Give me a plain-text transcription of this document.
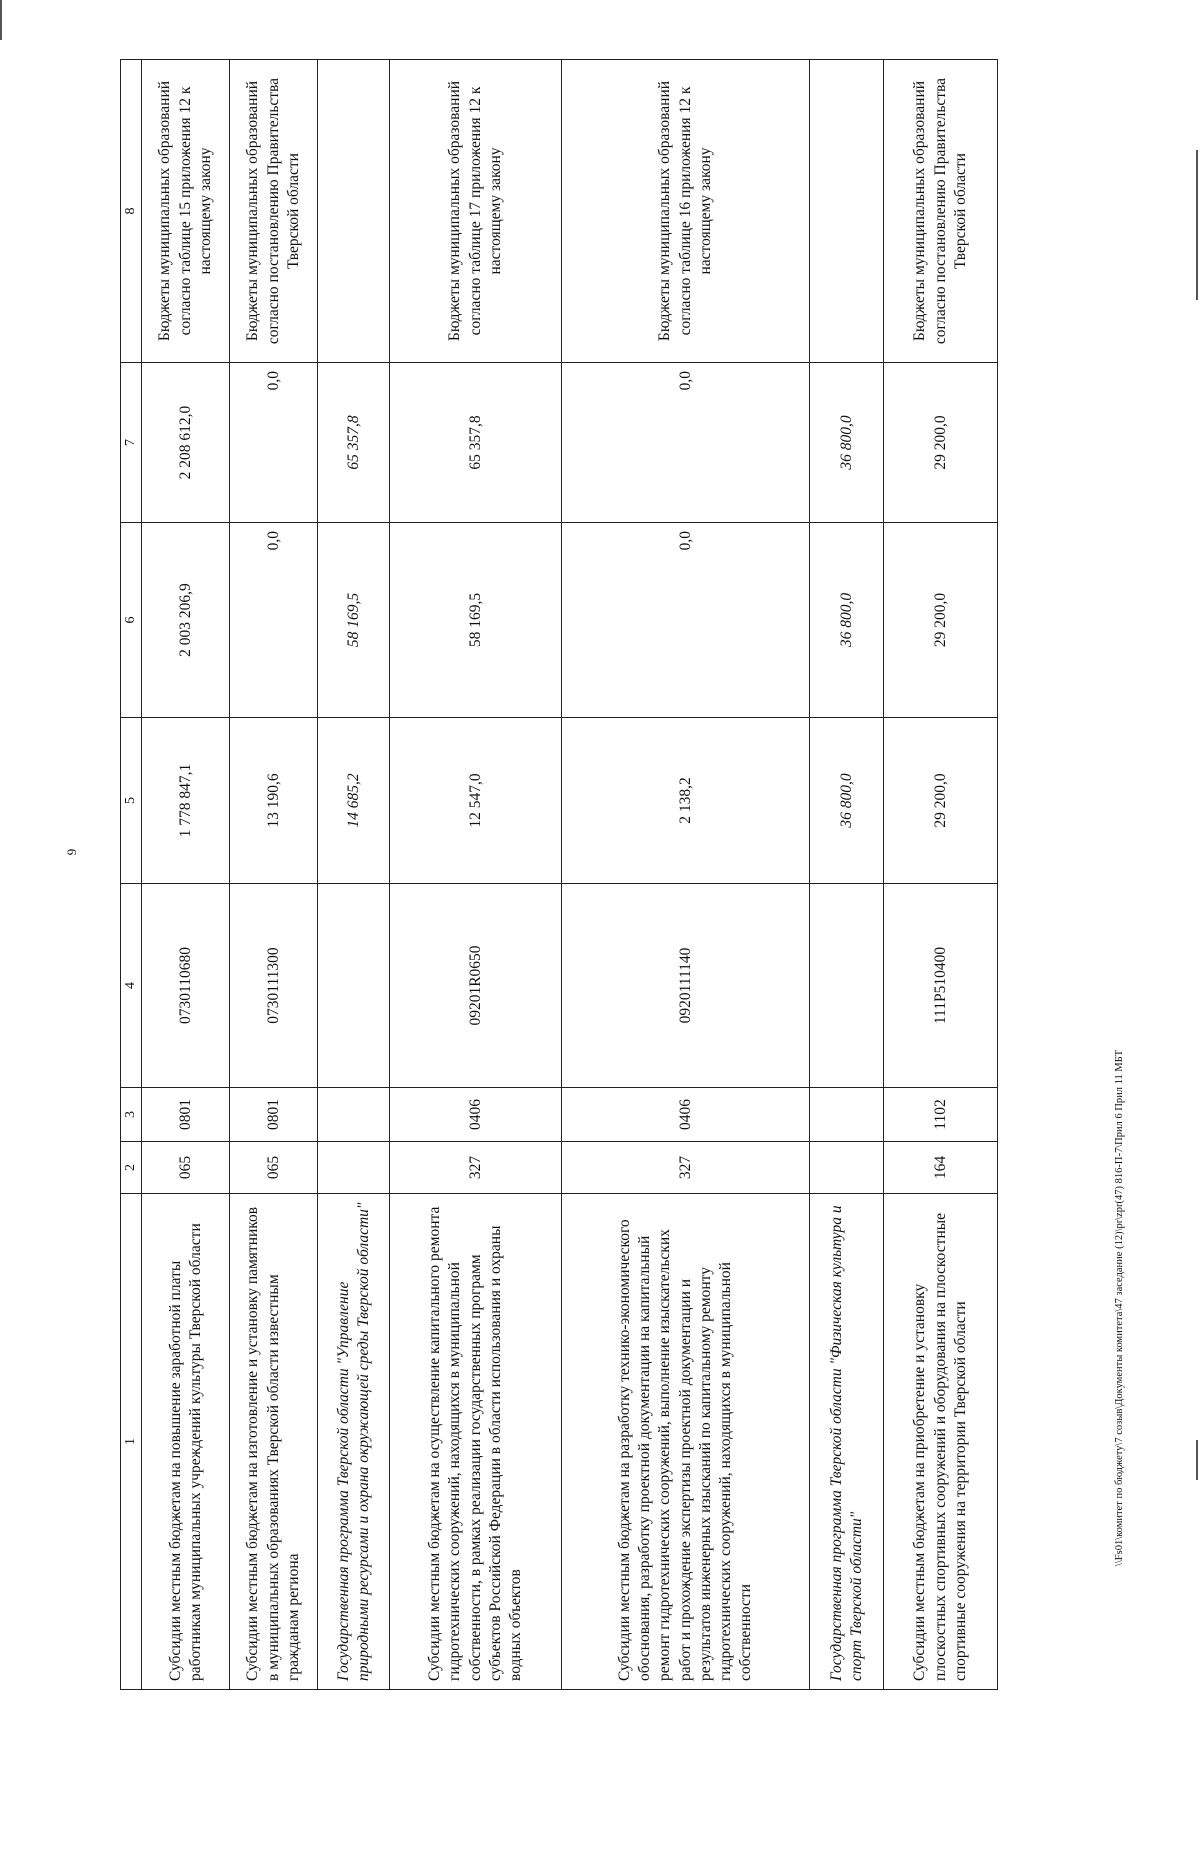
9
1	2	3	4	5	6	7	8
Субсидии местным бюджетам на повышение заработной платы работникам муниципальных учреждений культуры Тверской области	065	0801	0730110680	1 778 847,1	2 003 206,9	2 208 612,0	Бюджеты муниципальных образований согласно таблице 15 приложения 12 к настоящему закону
Субсидии местным бюджетам на изготовление и установку памятников в муниципальных образованиях Тверской области известным гражданам региона	065	0801	0730111300	13 190,6	0,0	0,0	Бюджеты муниципальных образований согласно постановлению Правительства Тверской области
Государственная программа Тверской области "Управление природными ресурсами и охрана окружающей среды Тверской области"				14 685,2	58 169,5	65 357,8	
Субсидии местным бюджетам на осуществление капитального ремонта гидротехнических сооружений, находящихся в муниципальной собственности, в рамках реализации государственных программ субъектов Российской Федерации в области использования и охраны водных объектов	327	0406	09201R0650	12 547,0	58 169,5	65 357,8	Бюджеты муниципальных образований согласно таблице 17 приложения 12 к настоящему закону
Субсидии местным бюджетам на разработку технико-экономического обоснования, разработку проектной документации на капитальный ремонт гидротехнических сооружений, выполнение изыскательских работ и прохождение экспертизы проектной документации и результатов инженерных изысканий по капитальному ремонту гидротехнических сооружений, находящихся в муниципальной собственности	327	0406	0920111140	2 138,2	0,0	0,0	Бюджеты муниципальных образований согласно таблице 16 приложения 12 к настоящему закону
Государственная программа Тверской области "Физическая культура и спорт Тверской области"				36 800,0	36 800,0	36 800,0	
Субсидии местным бюджетам на приобретение и установку плоскостных спортивных сооружений и оборудования на плоскостные спортивные сооружения на территории Тверской области	164	1102	111P510400	29 200,0	29 200,0	29 200,0	Бюджеты муниципальных образований согласно постановлению Правительства Тверской области
\\Fs01\комитет по бюджету\7 созыв\Документы комитета\47 заседание (12)\pr\zpr(47) 816-П-7\Прил 6 Прил 11 МБТ
